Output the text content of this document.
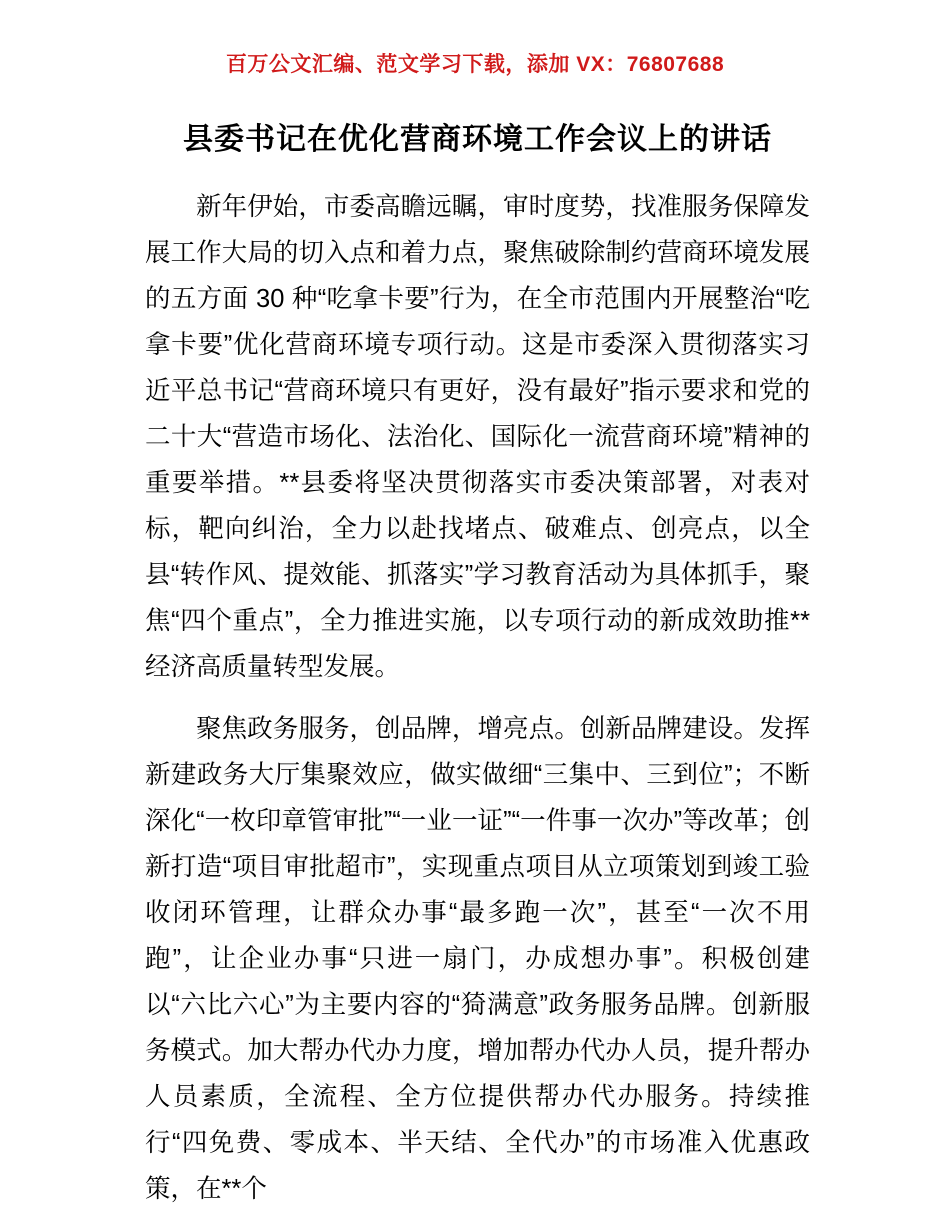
百万公文汇编、范文学习下载，添加 VX：76807688
县委书记在优化营商环境工作会议上的讲话

新年伊始，市委高瞻远瞩，审时度势，找准服务保障发展工作大局的切入点和着力点，聚焦破除制约营商环境发展的五方面 30 种“吃拿卡要”行为，在全市范围内开展整治“吃拿卡要”优化营商环境专项行动。这是市委深入贯彻落实习近平总书记“营商环境只有更好，没有最好”指示要求和党的二十大“营造市场化、法治化、国际化一流营商环境”精神的重要举措。**县委将坚决贯彻落实市委决策部署，对表对标，靶向纠治，全力以赴找堵点、破难点、创亮点，以全县“转作风、提效能、抓落实”学习教育活动为具体抓手，聚焦“四个重点”，全力推进实施，以专项行动的新成效助推**经济高质量转型发展。

聚焦政务服务，创品牌，增亮点。创新品牌建设。发挥新建政务大厅集聚效应，做实做细“三集中、三到位”；不断深化“一枚印章管审批”“一业一证”“一件事一次办”等改革；创新打造“项目审批超市”，实现重点项目从立项策划到竣工验收闭环管理，让群众办事“最多跑一次”，甚至“一次不用跑”，让企业办事“只进一扇门，办成想办事”。积极创建以“六比六心”为主要内容的“猗满意”政务服务品牌。创新服务模式。加大帮办代办力度，增加帮办代办人员，提升帮办人员素质，全流程、全方位提供帮办代办服务。持续推行“四免费、零成本、半天结、全代办”的市场准入优惠政策，在**个
